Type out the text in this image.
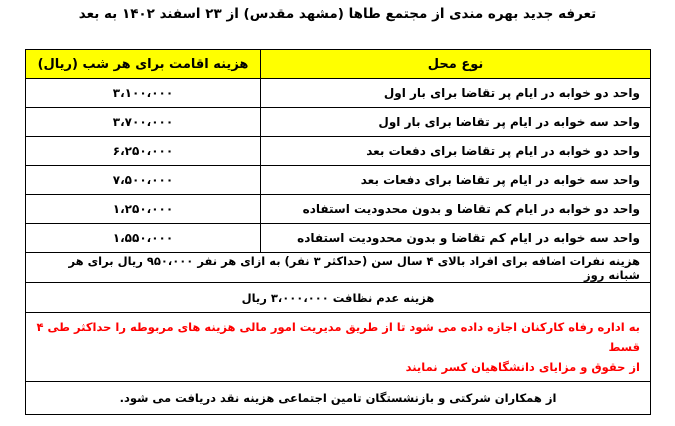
تعرفه جدید بهره مندی از مجتمع طاها (مشهد مقدس) از ۲۳ اسفند ۱۴۰۲ به بعد
نوع محل	هزینه اقامت برای هر شب (ریال)
واحد دو خوابه در ایام پر تقاضا برای بار اول	۳،۱۰۰،۰۰۰
واحد سه خوابه در ایام پر تقاضا برای بار اول	۳،۷۰۰،۰۰۰
واحد دو خوابه در ایام پر تقاضا برای دفعات بعد	۶،۲۵۰،۰۰۰
واحد سه خوابه در ایام پر تقاضا برای دفعات بعد	۷،۵۰۰،۰۰۰
واحد دو خوابه در ایام کم تقاضا و بدون محدودیت استفاده	۱،۲۵۰،۰۰۰
واحد سه خوابه در ایام کم تقاضا و بدون محدودیت استفاده	۱،۵۵۰،۰۰۰
هزینه نفرات اضافه برای افراد بالای ۴ سال سن (حداکثر ۳ نفر) به ازای هر نفر ۹۵۰،۰۰۰ ریال برای هر شبانه روز	
هزینه عدم نظافت ۳،۰۰۰،۰۰۰ ریال	

به اداره رفاه کارکنان اجازه داده می شود تا از طریق مدیریت امور مالی هزینه های مربوطه را حداکثر طی ۴ قسط
از حقوق و مزایای دانشگاهیان کسر نمایند	

از همکاران شرکتی و بازنشستگان تامین اجتماعی هزینه نقد دریافت می شود.	
